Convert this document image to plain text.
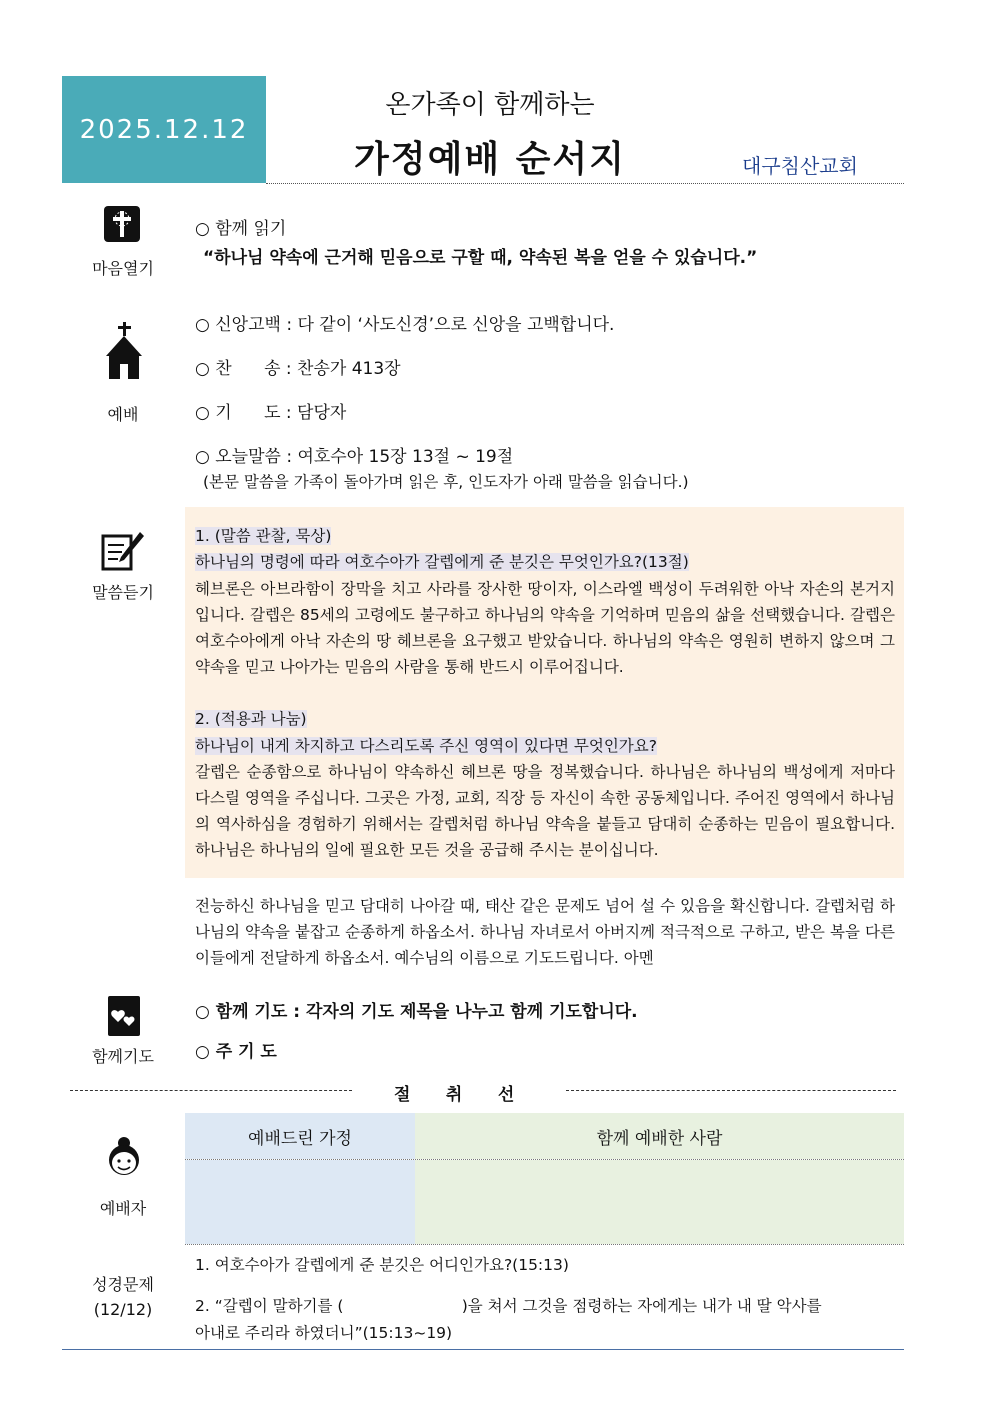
2025.12.12
온가족이 함께하는
가정예배 순서지	대구침산교회
마음열기
○ 함께 읽기
“하나님 약속에 근거해 믿음으로 구할 때, 약속된 복을 얻을 수 있습니다.”
예배
○ 신앙고백 : 다 같이 ‘사도신경’으로 신앙을 고백합니다.
○ 찬      송 : 찬송가 413장
○ 기      도 : 담당자
○ 오늘말씀 : 여호수아 15장 13절 ~ 19절
(본문 말씀을 가족이 돌아가며 읽은 후, 인도자가 아래 말씀을 읽습니다.)
말씀듣기
1. (말씀 관찰, 묵상)
하나님의 명령에 따라 여호수아가 갈렙에게 준 분깃은 무엇인가요?(13절)
헤브론은 아브라함이 장막을 치고 사라를 장사한 땅이자, 이스라엘 백성이 두려워한 아낙 자손의 본거지입니다. 갈렙은 85세의 고령에도 불구하고 하나님의 약속을 기억하며 믿음의 삶을 선택했습니다. 갈렙은 여호수아에게 아낙 자손의 땅 헤브론을 요구했고 받았습니다. 하나님의 약속은 영원히 변하지 않으며 그 약속을 믿고 나아가는 믿음의 사람을 통해 반드시 이루어집니다.
2. (적용과 나눔)
하나님이 내게 차지하고 다스리도록 주신 영역이 있다면 무엇인가요?
갈렙은 순종함으로 하나님이 약속하신 헤브론 땅을 정복했습니다. 하나님은 하나님의 백성에게 저마다 다스릴 영역을 주십니다. 그곳은 가정, 교회, 직장 등 자신이 속한 공동체입니다. 주어진 영역에서 하나님의 역사하심을 경험하기 위해서는 갈렙처럼 하나님 약속을 붙들고 담대히 순종하는 믿음이 필요합니다. 하나님은 하나님의 일에 필요한 모든 것을 공급해 주시는 분이십니다.
전능하신 하나님을 믿고 담대히 나아갈 때, 태산 같은 문제도 넘어 설 수 있음을 확신합니다. 갈렙처럼 하나님의 약속을 붙잡고 순종하게 하옵소서. 하나님 자녀로서 아버지께 적극적으로 구하고, 받은 복을 다른 이들에게 전달하게 하옵소서. 예수님의 이름으로 기도드립니다. 아멘
함께기도
○ 함께 기도 : 각자의 기도 제목을 나누고 함께 기도합니다.
○ 주 기 도
절      취      선
예배드린 가정	함께 예배한 사람
예배자
성경문제
(12/12)
1. 여호수아가 갈렙에게 준 분깃은 어디인가요?(15:13)
2. “갈렙이 말하기를 (                        )을 쳐서 그것을 점령하는 자에게는 내가 내 딸 악사를
아내로 주리라 하였더니”(15:13~19)
